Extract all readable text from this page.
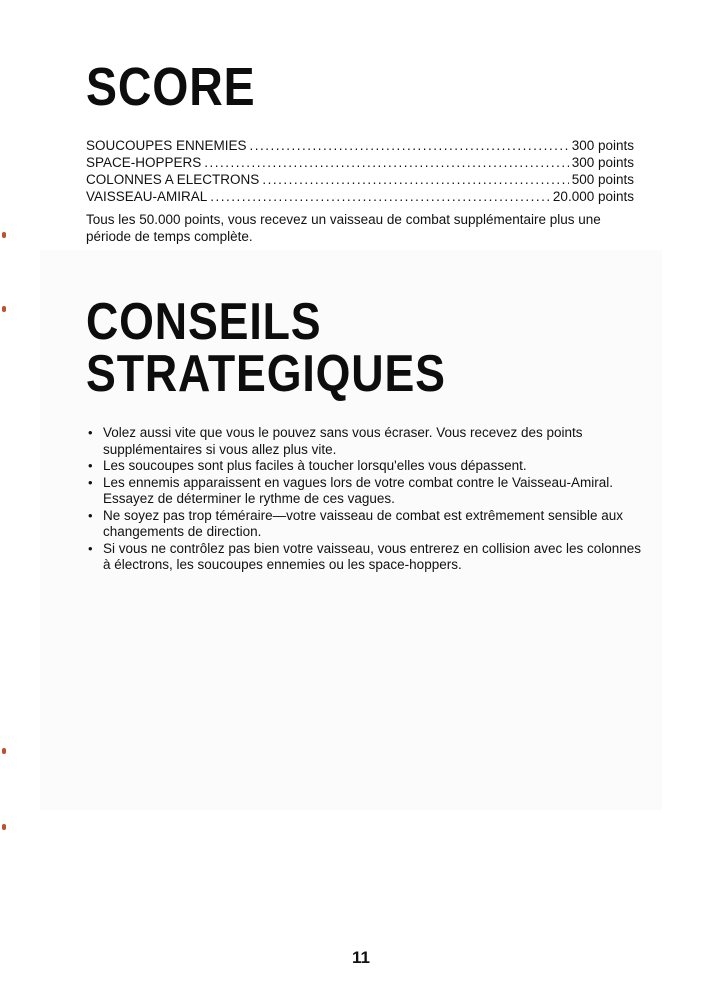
SCORE
SOUCOUPES ENNEMIES .....	300 points
SPACE-HOPPERS .....	300 points
COLONNES A ELECTRONS .....	500 points
VAISSEAU-AMIRAL .....	20.000 points
Tous les 50.000 points, vous recevez un vaisseau de combat supplémentaire plus une période de temps complète.
CONSEILS
STRATEGIQUES
• Volez aussi vite que vous le pouvez sans vous écraser. Vous recevez des points supplémentaires si vous allez plus vite.
• Les soucoupes sont plus faciles à toucher lorsqu'elles vous dépassent.
• Les ennemis apparaissent en vagues lors de votre combat contre le Vaisseau-Amiral. Essayez de déterminer le rythme de ces vagues.
• Ne soyez pas trop téméraire—votre vaisseau de combat est extrêmement sensible aux changements de direction.
• Si vous ne contrôlez pas bien votre vaisseau, vous entrerez en collision avec les colonnes à électrons, les soucoupes ennemies ou les space-hoppers.
11
